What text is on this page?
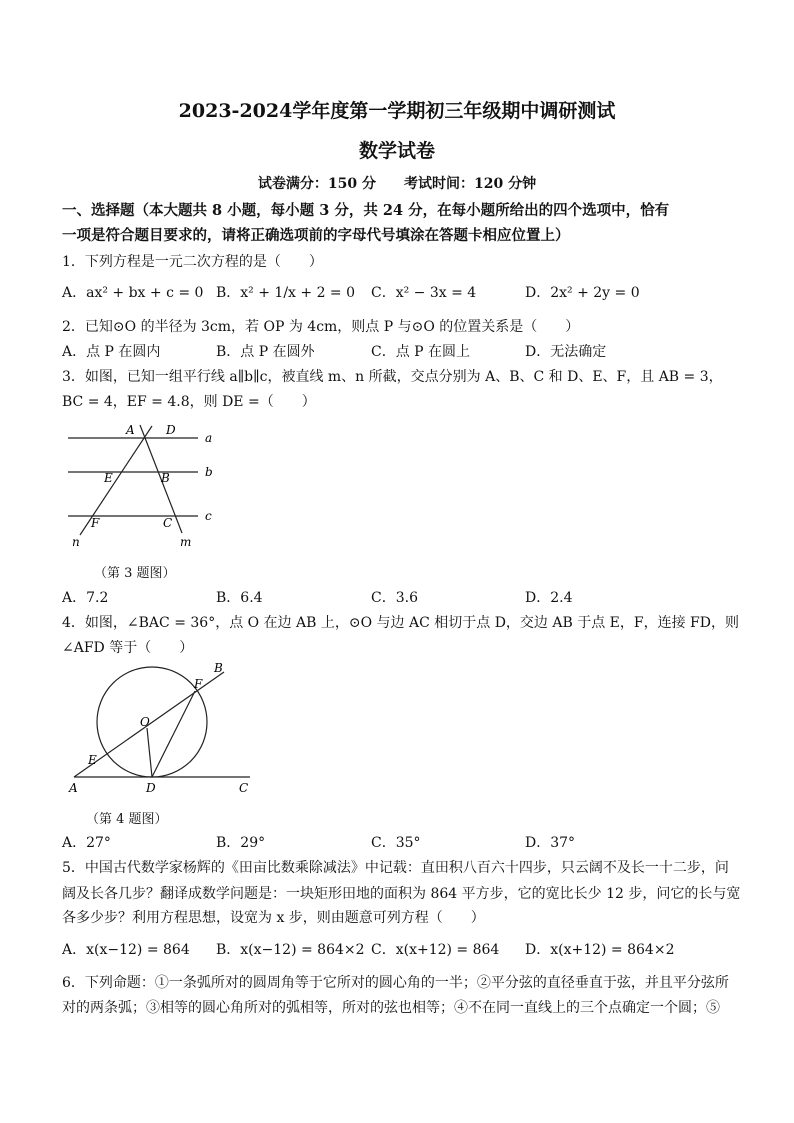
2023-2024学年度第一学期初三年级期中调研测试
数学试卷
试卷满分：150 分　　考试时间：120 分钟
一、选择题（本大题共 8 小题，每小题 3 分，共 24 分，在每小题所给出的四个选项中，恰有
一项是符合题目要求的，请将正确选项前的字母代号填涂在答题卡相应位置上）
1．下列方程是一元二次方程的是（　　）
A．ax² + bx + c = 0 B．x² + 1/x + 2 = 0 C．x² − 3x = 4	D．2x² + 2y = 0
2．已知⊙O 的半径为 3cm，若 OP 为 4cm，则点 P 与⊙O 的位置关系是（　　）
A．点 P 在圆内	B．点 P 在圆外	C．点 P 在圆上	D．无法确定
3．如图，已知一组平行线 a∥b∥c，被直线 m、n 所截，交点分别为 A、B、C 和 D、E、F，且 AB = 3，
BC = 4，EF = 4.8，则 DE =（　　）
a
b
c
A	D
E	B
F	C
n	m
（第 3 题图）
A．7.2	B．6.4	C．3.6	D．2.4
4．如图，∠BAC = 36°，点 O 在边 AB 上，⊙O 与边 AC 相切于点 D，交边 AB 于点 E，F，连接 FD，则
∠AFD 等于（　　）
B
F
O
E
A	D	C
（第 4 题图）
A．27°	B．29°	C．35°	D．37°
5．中国古代数学家杨辉的《田亩比数乘除减法》中记载：直田积八百六十四步，只云阔不及长一十二步，问
阔及长各几步？翻译成数学问题是：一块矩形田地的面积为 864 平方步，它的宽比长少 12 步，问它的长与宽
各多少步？利用方程思想，设宽为 x 步，则由题意可列方程（　　）
A．x(x−12) = 864 B．x(x−12) = 864×2 C．x(x+12) = 864 D．x(x+12) = 864×2
6．下列命题：①一条弧所对的圆周角等于它所对的圆心角的一半；②平分弦的直径垂直于弦，并且平分弦所
对的两条弧；③相等的圆心角所对的弧相等，所对的弦也相等；④不在同一直线上的三个点确定一个圆；⑤
